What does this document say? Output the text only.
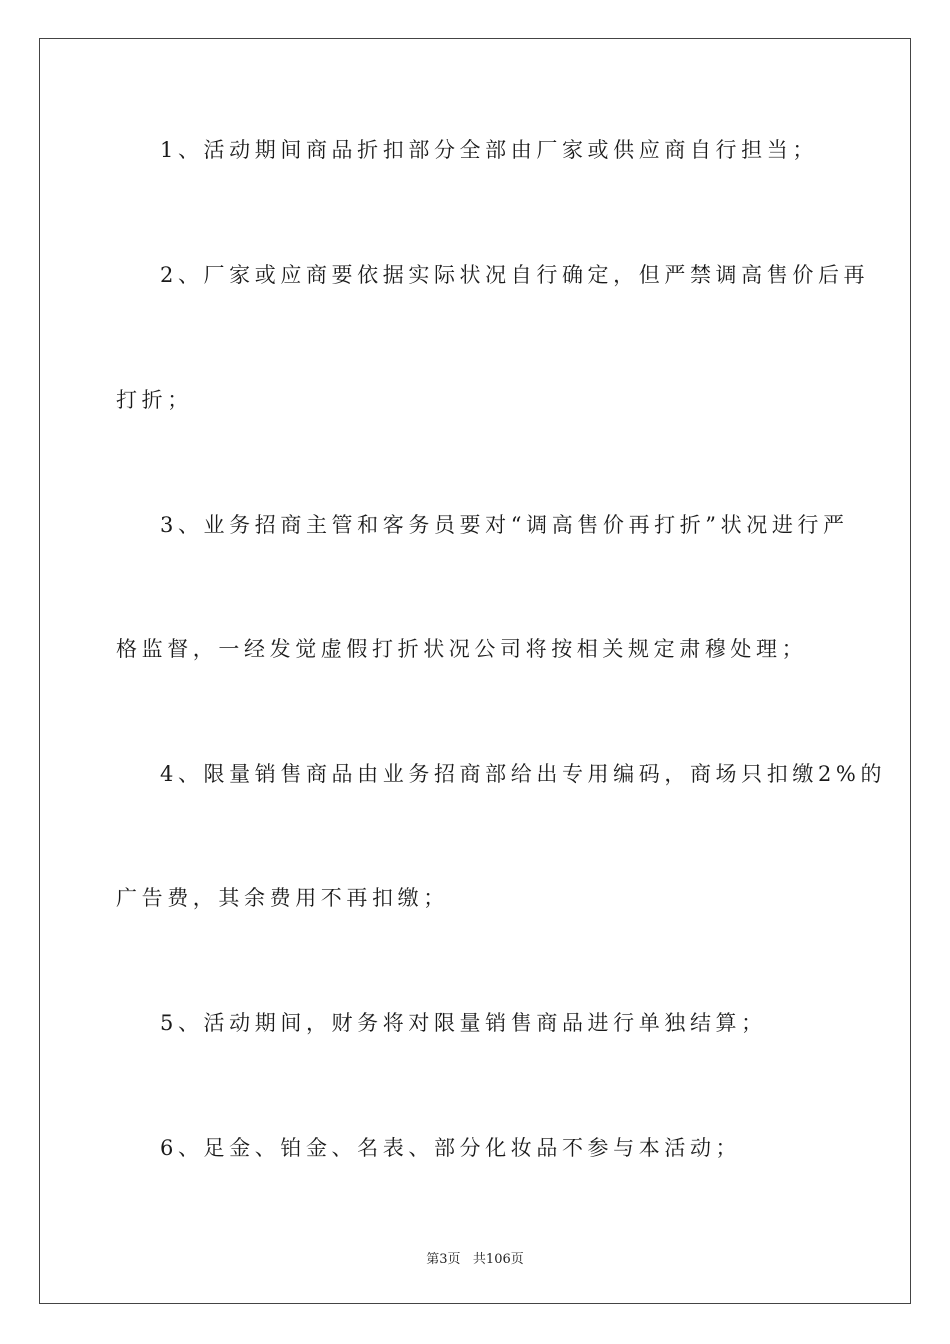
1、活动期间商品折扣部分全部由厂家或供应商自行担当；
2、厂家或应商要依据实际状况自行确定，但严禁调高售价后再
打折；
3、业务招商主管和客务员要对“调高售价再打折”状况进行严
格监督，一经发觉虚假打折状况公司将按相关规定肃穆处理；
4、限量销售商品由业务招商部给出专用编码，商场只扣缴2%的
广告费，其余费用不再扣缴；
5、活动期间，财务将对限量销售商品进行单独结算；
6、足金、铂金、名表、部分化妆品不参与本活动；
第3页   共106页
